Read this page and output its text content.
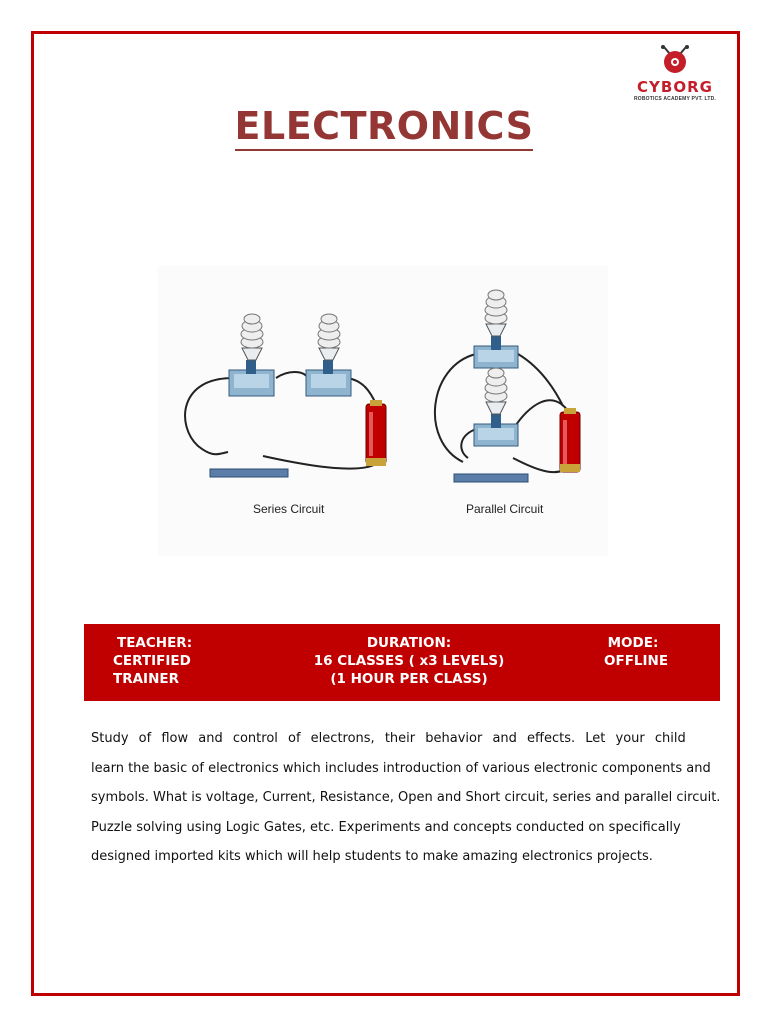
CYBORG
ROBOTICS ACADEMY PVT. LTD.
ELECTRONICS
Series Circuit	Parallel Circuit
TEACHER:
CERTIFIED
TRAINER
DURATION:
16 CLASSES ( x3 LEVELS)
(1 HOUR PER CLASS)
MODE:
OFFLINE
Study of flow and control of electrons, their behavior and effects. Let your child
learn the basic of electronics which includes introduction of various electronic components and
symbols. What is voltage, Current, Resistance, Open and Short circuit, series and parallel circuit.
Puzzle solving using Logic Gates, etc. Experiments and concepts conducted on specifically
designed imported kits which will help students to make amazing electronics projects.
